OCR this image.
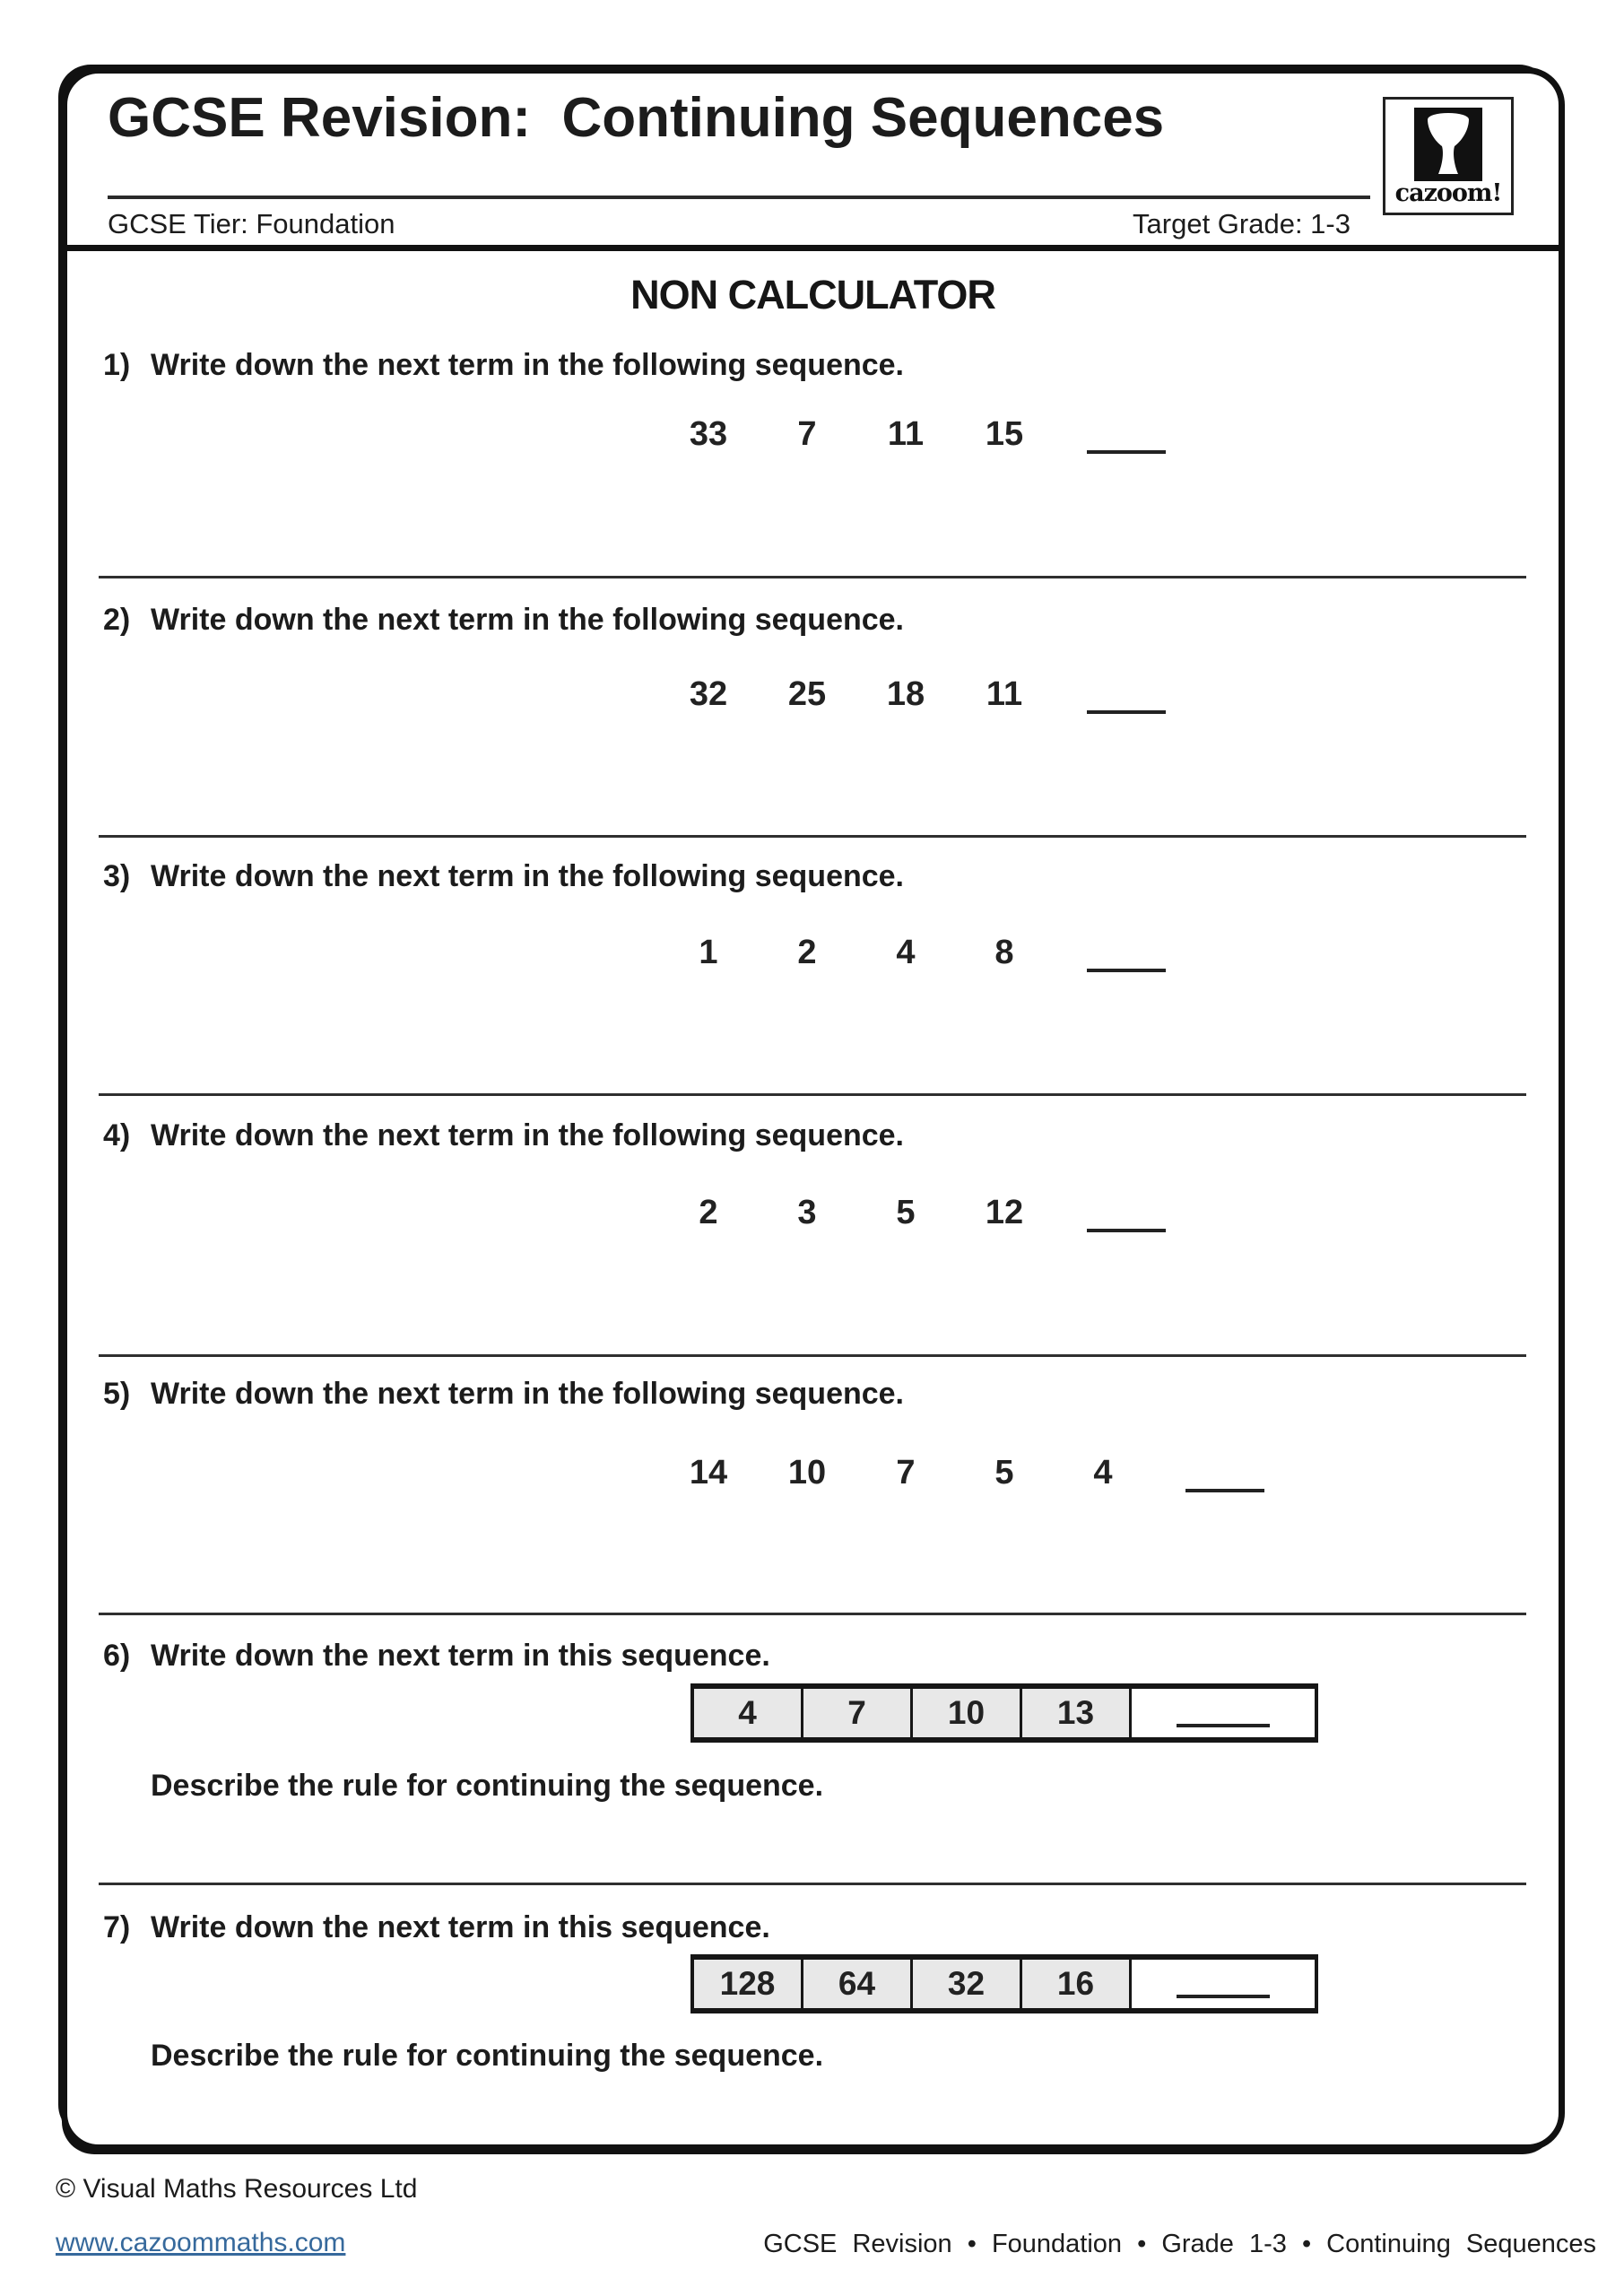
GCSE Revision:  Continuing Sequences
GCSE Tier: Foundation	Target Grade: 1-3
cazoom!
NON CALCULATOR
1) Write down the next term in the following sequence.
33	7	11	15
2) Write down the next term in the following sequence.
32 25 18	11
3) Write down the next term in the following sequence.
1	2	4	8
4) Write down the next term in the following sequence.
2	3	5	12
5) Write down the next term in the following sequence.
14 10	7	5	4
6) Write down the next term in this sequence.
4	7	10	13
Describe the rule for continuing the sequence.
7) Write down the next term in this sequence.
128	64	32	16
Describe the rule for continuing the sequence.
© Visual Maths Resources Ltd
www.cazoommaths.com	GCSE Revision • Foundation • Grade 1-3 • Continuing Sequences
